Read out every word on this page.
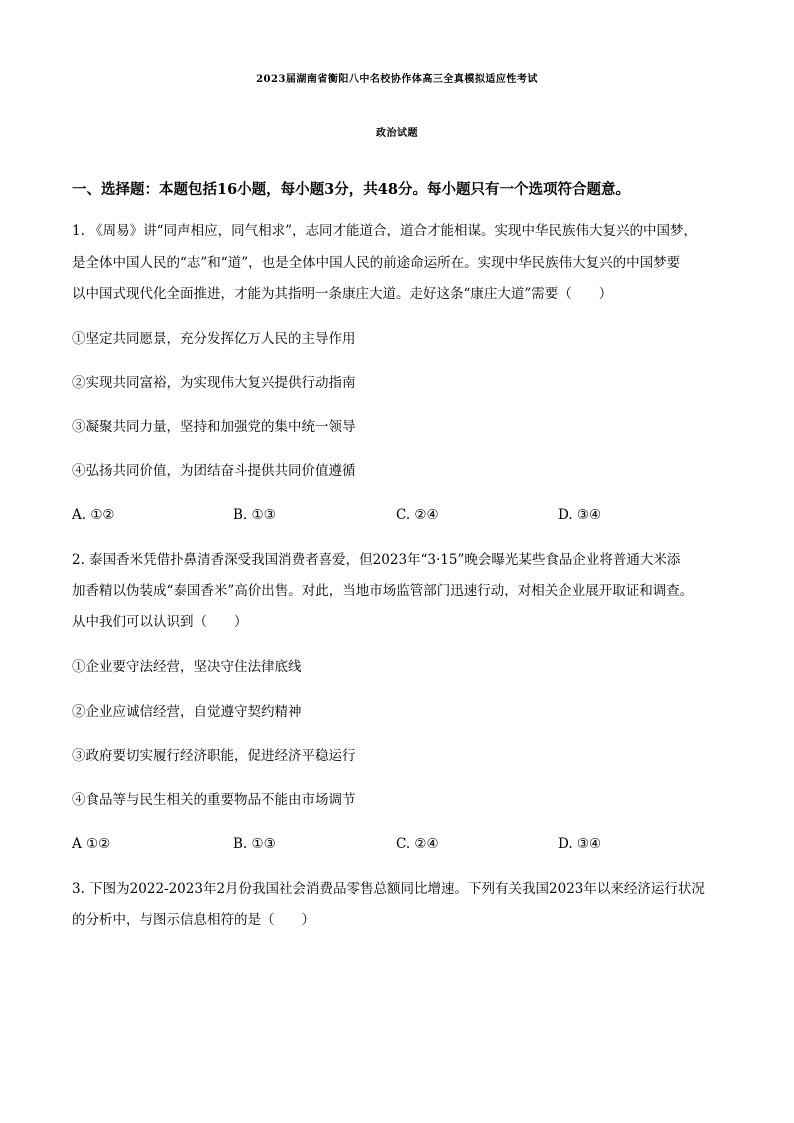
2023届湖南省衡阳八中名校协作体高三全真模拟适应性考试
政治试题
一、选择题：本题包括16小题，每小题3分，共48分。每小题只有一个选项符合题意。
1. 《周易》讲“同声相应，同气相求”，志同才能道合，道合才能相谋。实现中华民族伟大复兴的中国梦，
是全体中国人民的“志”和“道”，也是全体中国人民的前途命运所在。实现中华民族伟大复兴的中国梦要
以中国式现代化全面推进，才能为其指明一条康庄大道。走好这条“康庄大道”需要（　　）
①坚定共同愿景，充分发挥亿万人民的主导作用
②实现共同富裕，为实现伟大复兴提供行动指南
③凝聚共同力量，坚持和加强党的集中统一领导
④弘扬共同价值，为团结奋斗提供共同价值遵循
A. ①②	B. ①③	C. ②④	D. ③④
2. 泰国香米凭借扑鼻清香深受我国消费者喜爱，但2023年“3·15”晚会曝光某些食品企业将普通大米添
加香精以伪装成“泰国香米”高价出售。对此，当地市场监管部门迅速行动，对相关企业展开取证和调查。
从中我们可以认识到（　　）
①企业要守法经营，坚决守住法律底线
②企业应诚信经营，自觉遵守契约精神
③政府要切实履行经济职能，促进经济平稳运行
④食品等与民生相关的重要物品不能由市场调节
A ①②	B. ①③	C. ②④	D. ③④
3. 下图为2022-2023年2月份我国社会消费品零售总额同比增速。下列有关我国2023年以来经济运行状况
的分析中，与图示信息相符的是（　　）
